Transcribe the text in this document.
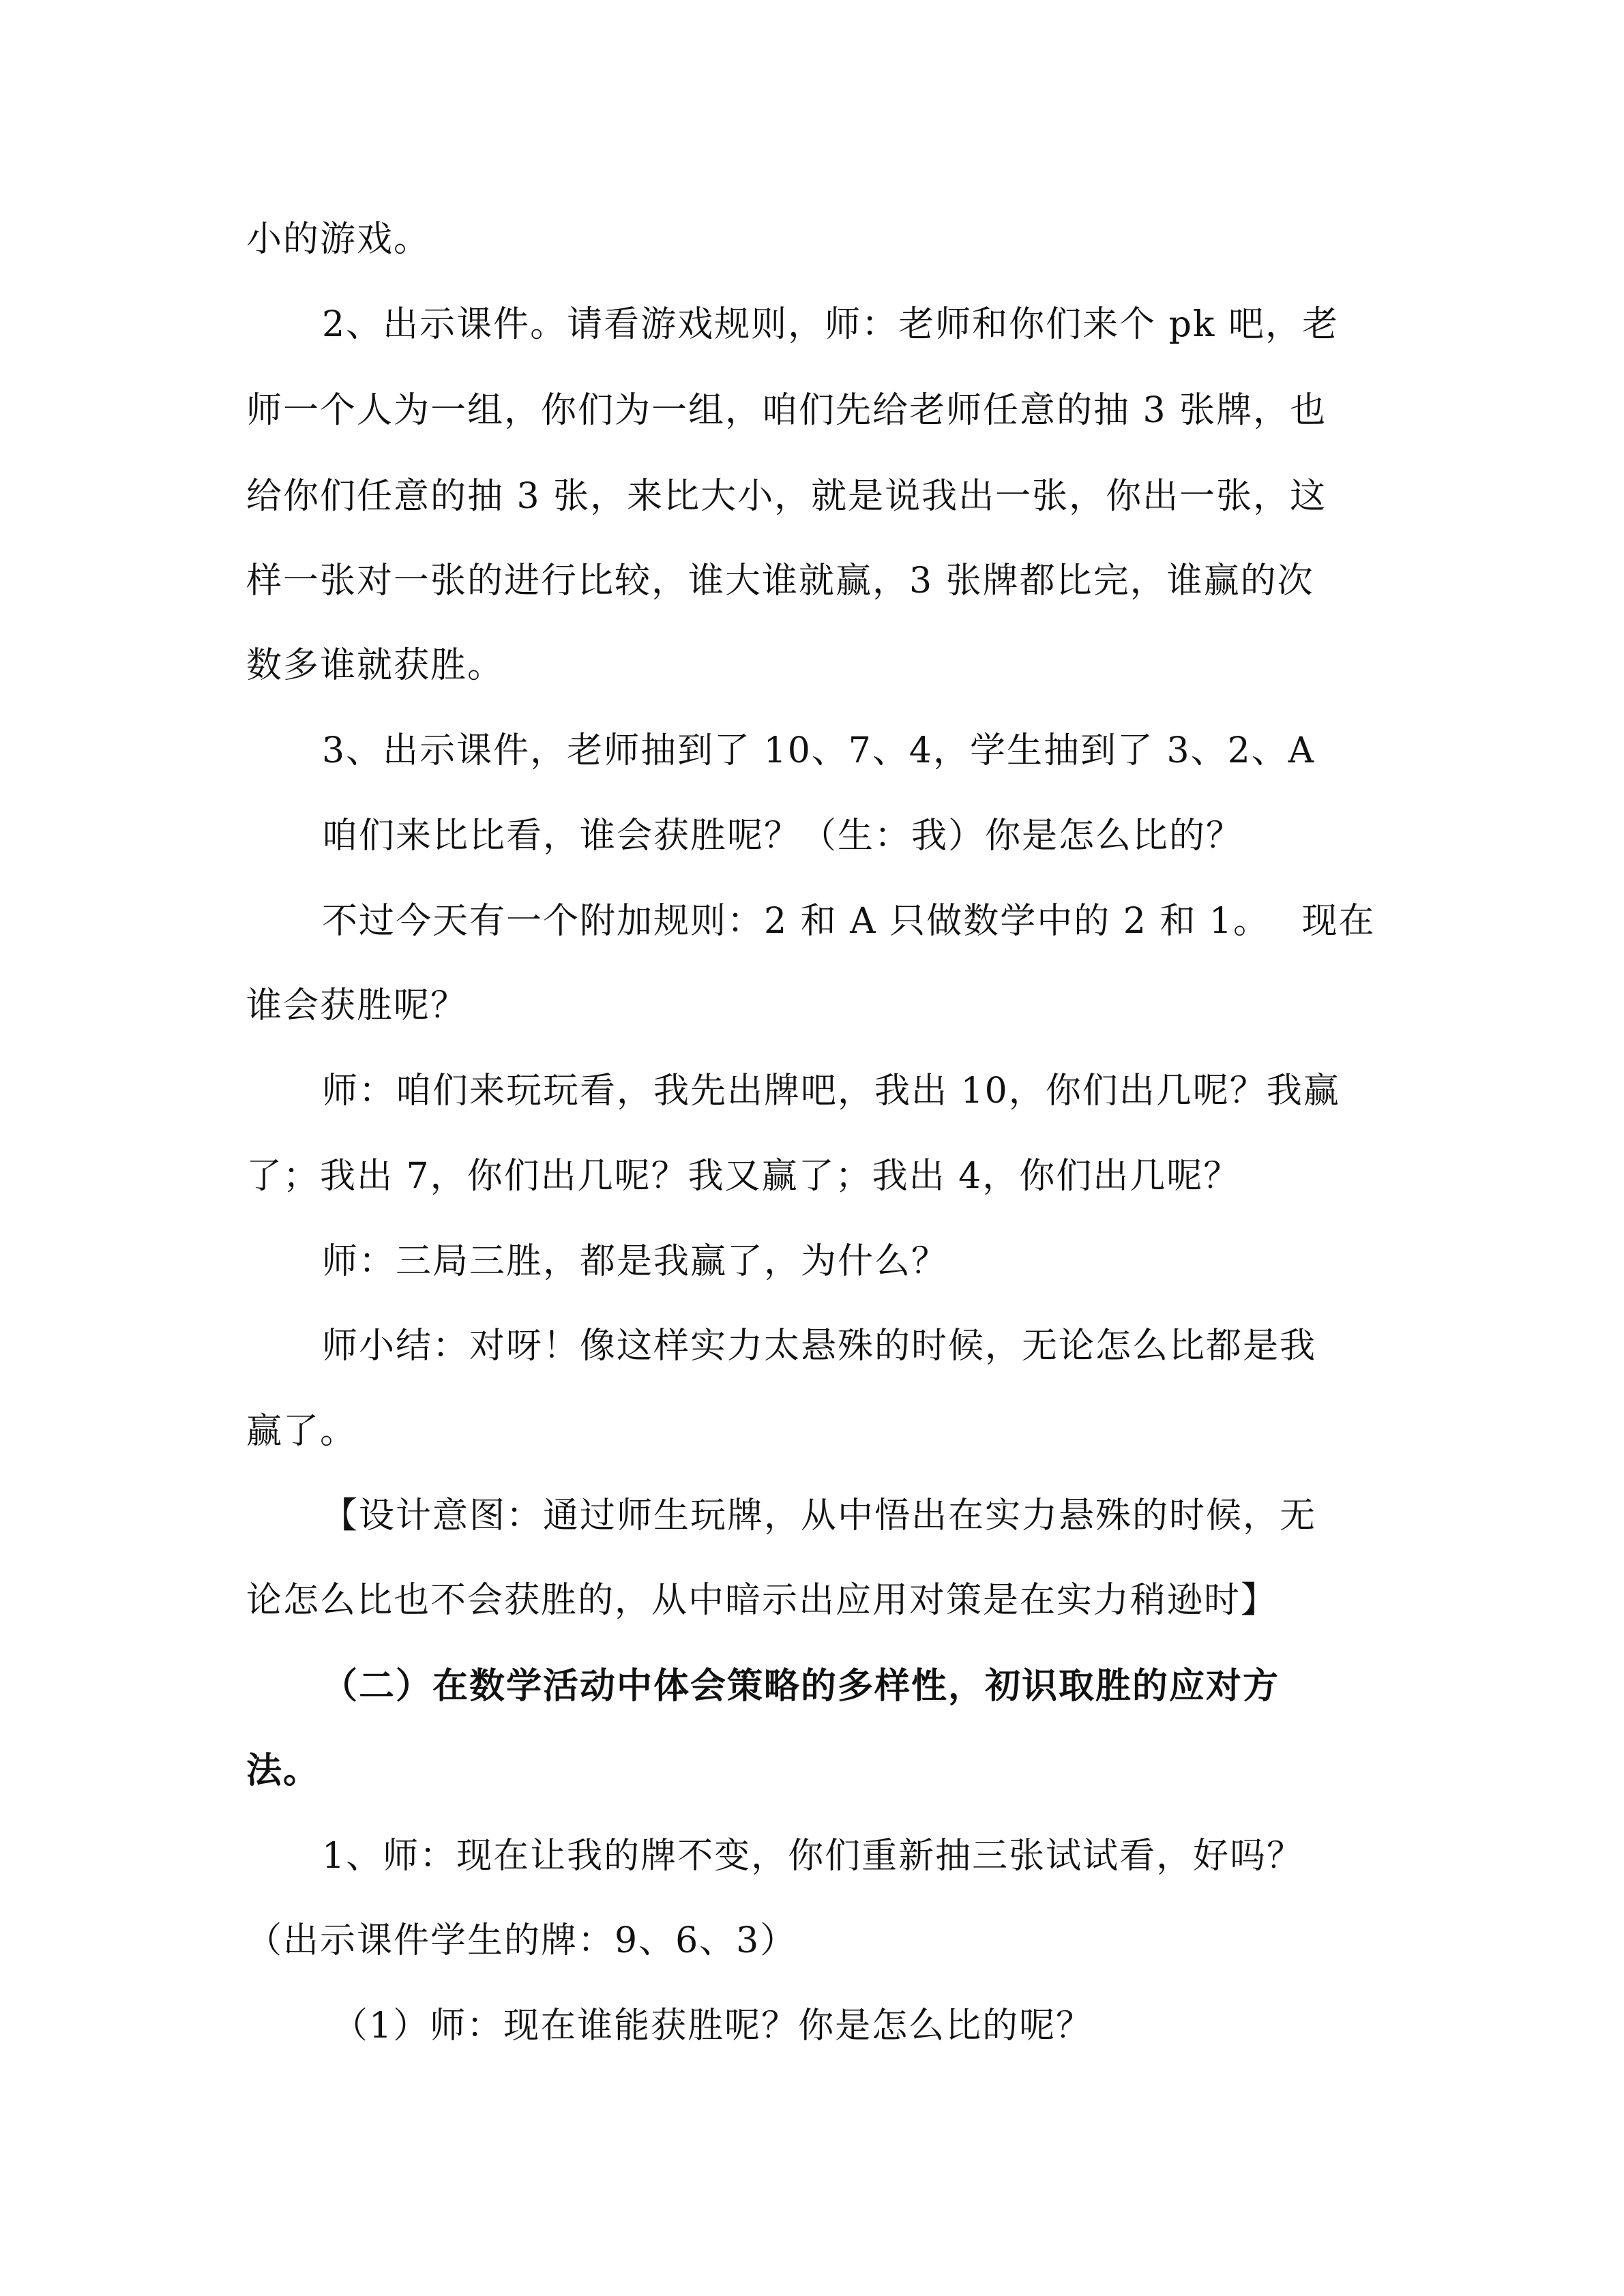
小的游戏。
2、出示课件。请看游戏规则，师：老师和你们来个 pk 吧，老
师一个人为一组，你们为一组，咱们先给老师任意的抽 3 张牌，也
给你们任意的抽 3 张，来比大小，就是说我出一张，你出一张，这
样一张对一张的进行比较，谁大谁就赢，3 张牌都比完，谁赢的次
数多谁就获胜。
3、出示课件，老师抽到了 10、7、4，学生抽到了 3、2、A
咱们来比比看，谁会获胜呢？（生：我）你是怎么比的？
不过今天有一个附加规则：2 和 A 只做数学中的 2 和 1。　 现在
谁会获胜呢？
师：咱们来玩玩看，我先出牌吧，我出 10，你们出几呢？我赢
了；我出 7，你们出几呢？我又赢了；我出 4，你们出几呢？
师：三局三胜，都是我赢了，为什么？
师小结：对呀！像这样实力太悬殊的时候，无论怎么比都是我
赢了。
【设计意图：通过师生玩牌，从中悟出在实力悬殊的时候，无
论怎么比也不会获胜的，从中暗示出应用对策是在实力稍逊时】
（二）在数学活动中体会策略的多样性，初识取胜的应对方
法。
1、师：现在让我的牌不变，你们重新抽三张试试看，好吗？
（出示课件学生的牌：9、6、3）
（1）师：现在谁能获胜呢？你是怎么比的呢？
